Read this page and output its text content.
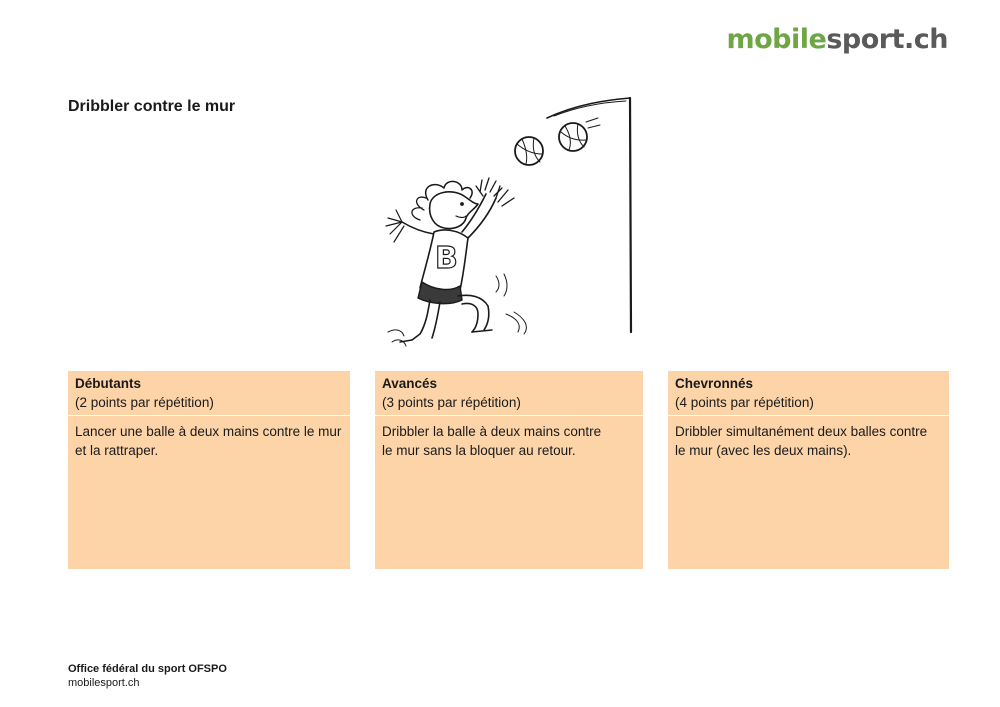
mobilesport.ch
Dribbler contre le mur
B
Débutants
(2 points par répétition)
Lancer une balle à deux mains contre le mur
et la rattraper.
Avancés
(3 points par répétition)
Dribbler la balle à deux mains contre
le mur sans la bloquer au retour.
Chevronnés
(4 points par répétition)
Dribbler simultanément deux balles contre
le mur (avec les deux mains).
Office fédéral du sport OFSPO
mobilesport.ch
